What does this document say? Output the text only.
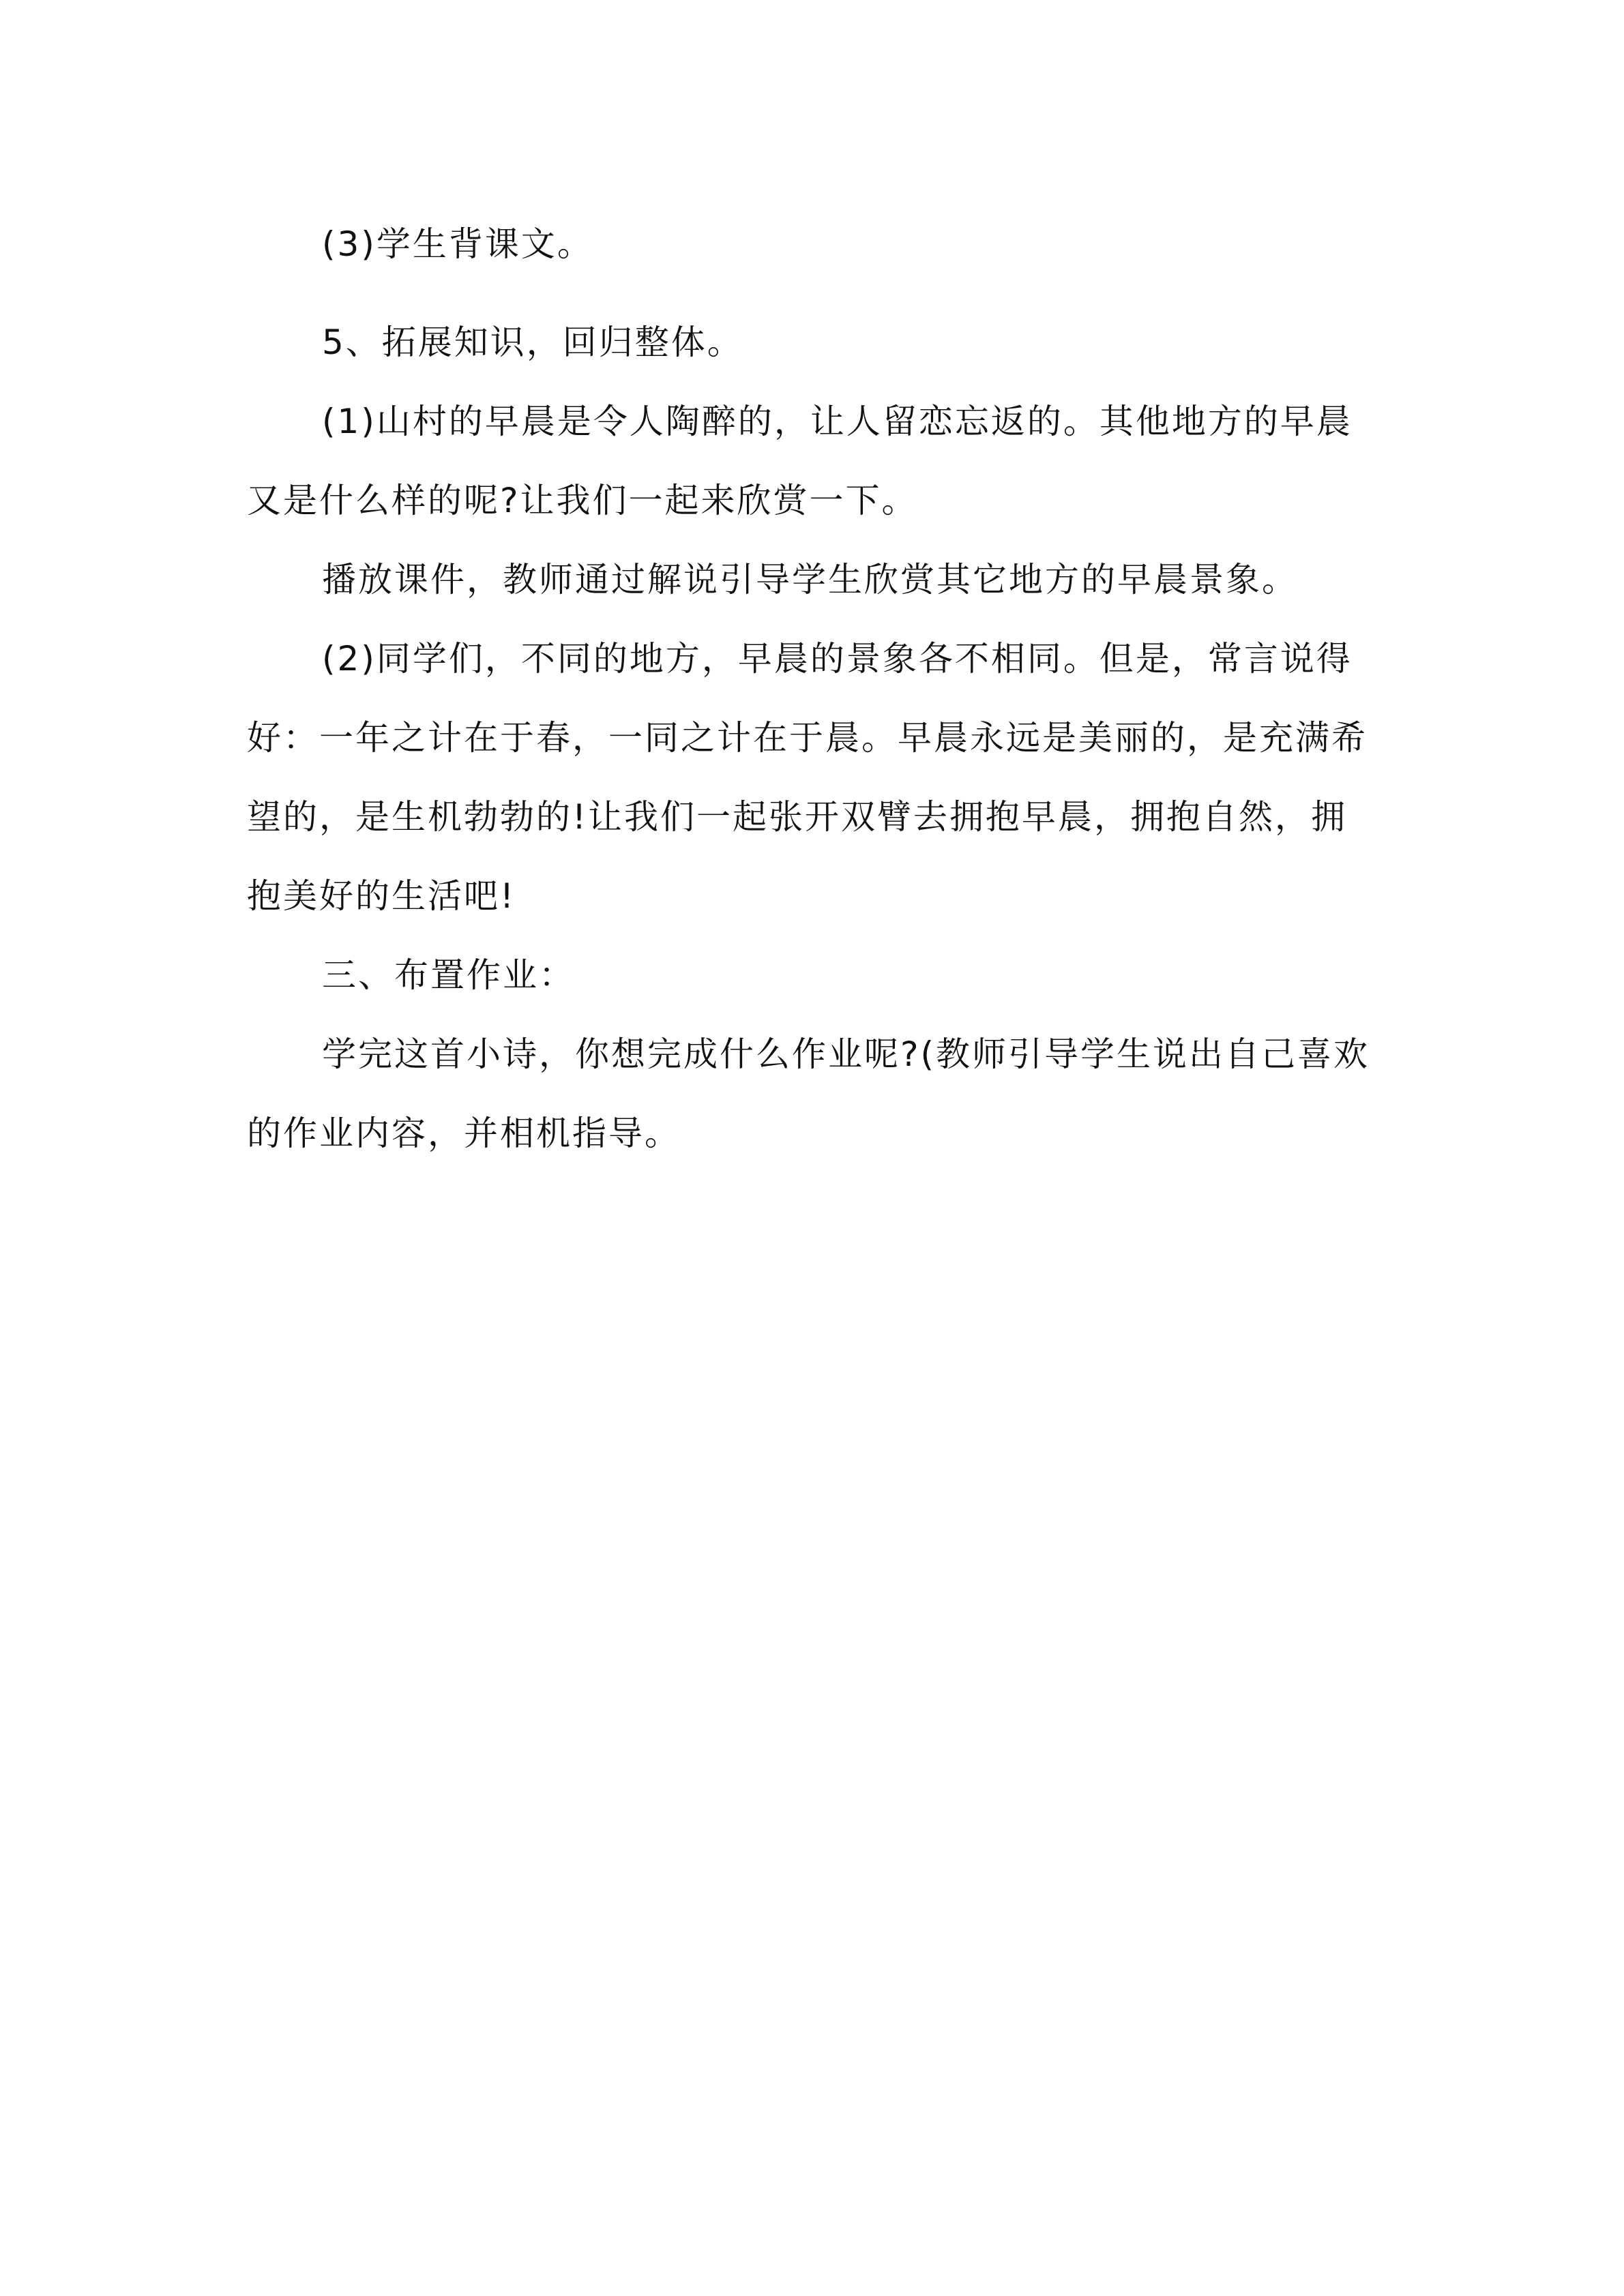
(3)学生背课文。

5、拓展知识，回归整体。

(1)山村的早晨是令人陶醉的，让人留恋忘返的。其他地方的早晨又是什么样的呢?让我们一起来欣赏一下。

播放课件，教师通过解说引导学生欣赏其它地方的早晨景象。

(2)同学们，不同的地方，早晨的景象各不相同。但是，常言说得好：一年之计在于春，一同之计在于晨。早晨永远是美丽的，是充满希望的，是生机勃勃的!让我们一起张开双臂去拥抱早晨，拥抱自然，拥抱美好的生活吧!

三、布置作业：

学完这首小诗，你想完成什么作业呢?(教师引导学生说出自己喜欢的作业内容，并相机指导。
